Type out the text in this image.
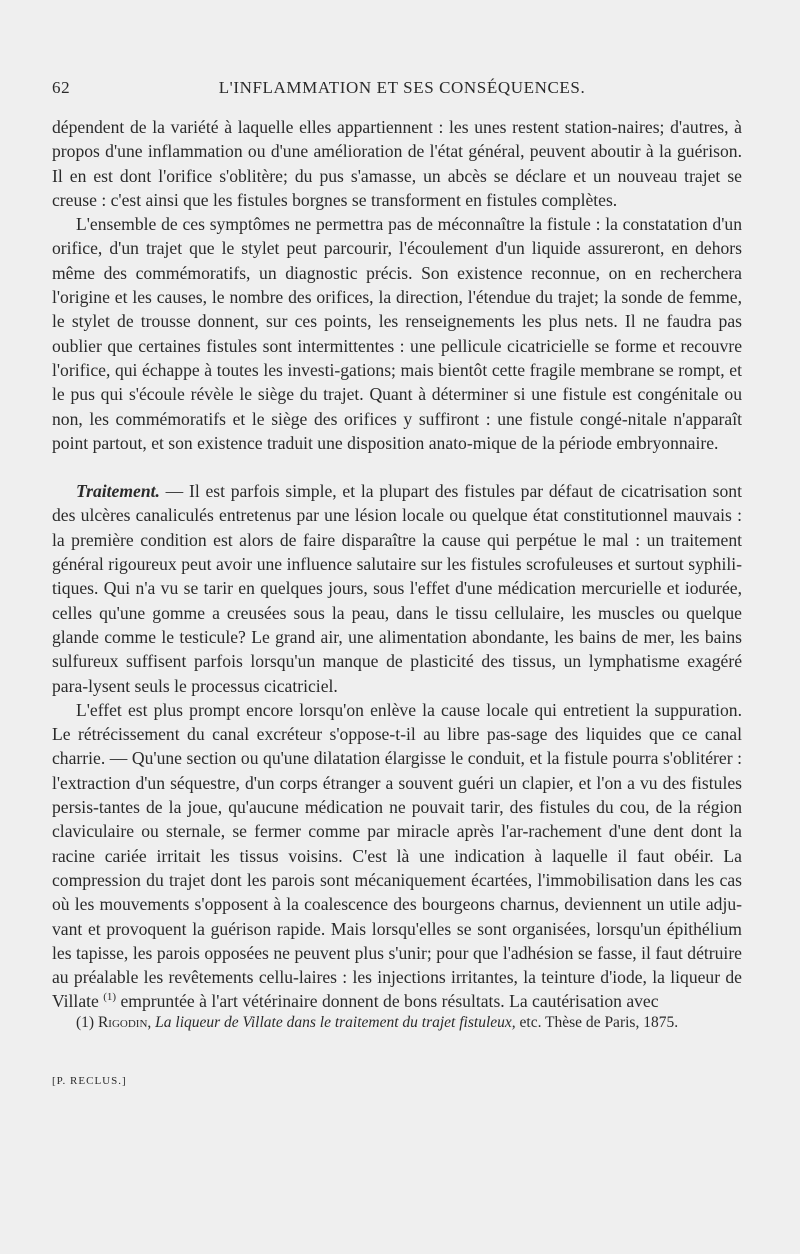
62	L'INFLAMMATION ET SES CONSÉQUENCES.

dépendent de la variété à laquelle elles appartiennent : les unes restent station-naires; d'autres, à propos d'une inflammation ou d'une amélioration de l'état général, peuvent aboutir à la guérison. Il en est dont l'orifice s'oblitère; du pus s'amasse, un abcès se déclare et un nouveau trajet se creuse : c'est ainsi que les fistules borgnes se transforment en fistules complètes.

L'ensemble de ces symptômes ne permettra pas de méconnaître la fistule : la constatation d'un orifice, d'un trajet que le stylet peut parcourir, l'écoulement d'un liquide assureront, en dehors même des commémoratifs, un diagnostic précis. Son existence reconnue, on en recherchera l'origine et les causes, le nombre des orifices, la direction, l'étendue du trajet; la sonde de femme, le stylet de trousse donnent, sur ces points, les renseignements les plus nets. Il ne faudra pas oublier que certaines fistules sont intermittentes : une pellicule cicatricielle se forme et recouvre l'orifice, qui échappe à toutes les investi-gations; mais bientôt cette fragile membrane se rompt, et le pus qui s'écoule révèle le siège du trajet. Quant à déterminer si une fistule est congénitale ou non, les commémoratifs et le siège des orifices y suffiront : une fistule congé-nitale n'apparaît point partout, et son existence traduit une disposition anato-mique de la période embryonnaire.

Traitement. — Il est parfois simple, et la plupart des fistules par défaut de cicatrisation sont des ulcères canaliculés entretenus par une lésion locale ou quelque état constitutionnel mauvais : la première condition est alors de faire disparaître la cause qui perpétue le mal : un traitement général rigoureux peut avoir une influence salutaire sur les fistules scrofuleuses et surtout syphili-tiques. Qui n'a vu se tarir en quelques jours, sous l'effet d'une médication mercurielle et iodurée, celles qu'une gomme a creusées sous la peau, dans le tissu cellulaire, les muscles ou quelque glande comme le testicule? Le grand air, une alimentation abondante, les bains de mer, les bains sulfureux suffisent parfois lorsqu'un manque de plasticité des tissus, un lymphatisme exagéré para-lysent seuls le processus cicatriciel.

L'effet est plus prompt encore lorsqu'on enlève la cause locale qui entretient la suppuration. Le rétrécissement du canal excréteur s'oppose-t-il au libre pas-sage des liquides que ce canal charrie. — Qu'une section ou qu'une dilatation élargisse le conduit, et la fistule pourra s'oblitérer : l'extraction d'un séquestre, d'un corps étranger a souvent guéri un clapier, et l'on a vu des fistules persis-tantes de la joue, qu'aucune médication ne pouvait tarir, des fistules du cou, de la région claviculaire ou sternale, se fermer comme par miracle après l'ar-rachement d'une dent dont la racine cariée irritait les tissus voisins. C'est là une indication à laquelle il faut obéir. La compression du trajet dont les parois sont mécaniquement écartées, l'immobilisation dans les cas où les mouvements s'opposent à la coalescence des bourgeons charnus, deviennent un utile adju-vant et provoquent la guérison rapide. Mais lorsqu'elles se sont organisées, lorsqu'un épithélium les tapisse, les parois opposées ne peuvent plus s'unir; pour que l'adhésion se fasse, il faut détruire au préalable les revêtements cellu-laires : les injections irritantes, la teinture d'iode, la liqueur de Villate $^{(1)}$ empruntée à l'art vétérinaire donnent de bons résultats. La cautérisation avec

(1) Rigodin, La liqueur de Villate dans le traitement du trajet fistuleux, etc. Thèse de Paris, 1875.

[P. RECLUS.]
